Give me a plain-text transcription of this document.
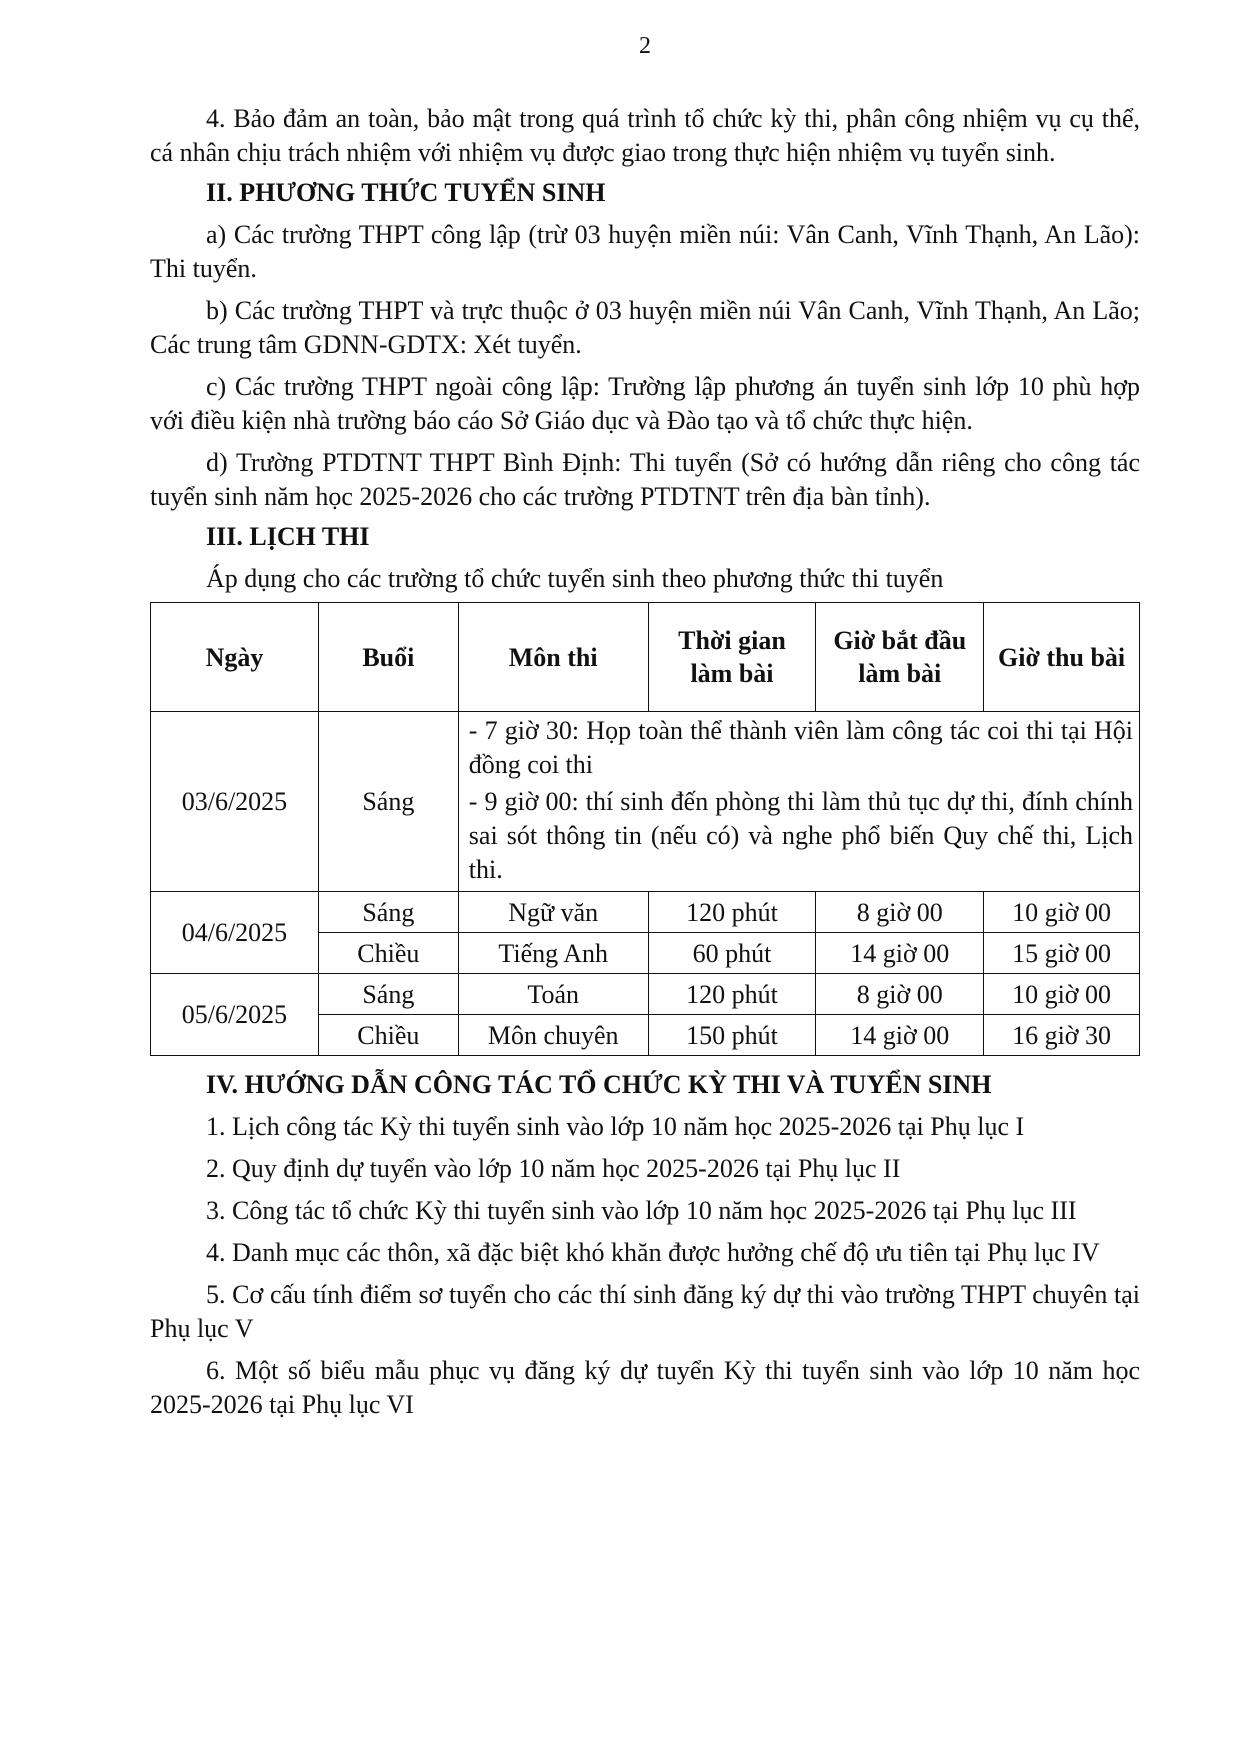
2

4. Bảo đảm an toàn, bảo mật trong quá trình tổ chức kỳ thi, phân công nhiệm vụ cụ thể, cá nhân chịu trách nhiệm với nhiệm vụ được giao trong thực hiện nhiệm vụ tuyển sinh.

II. PHƯƠNG THỨC TUYỂN SINH

a) Các trường THPT công lập (trừ 03 huyện miền núi: Vân Canh, Vĩnh Thạnh, An Lão): Thi tuyển.

b) Các trường THPT và trực thuộc ở 03 huyện miền núi Vân Canh, Vĩnh Thạnh, An Lão; Các trung tâm GDNN-GDTX: Xét tuyển.

c) Các trường THPT ngoài công lập: Trường lập phương án tuyển sinh lớp 10 phù hợp với điều kiện nhà trường báo cáo Sở Giáo dục và Đào tạo và tổ chức thực hiện.

d) Trường PTDTNT THPT Bình Định: Thi tuyển (Sở có hướng dẫn riêng cho công tác tuyển sinh năm học 2025-2026 cho các trường PTDTNT trên địa bàn tỉnh).

III. LỊCH THI

Áp dụng cho các trường tổ chức tuyển sinh theo phương thức thi tuyển

Ngày	Buổi	Môn thi	Thời gian làm bài	Giờ bắt đầu làm bài	Giờ thu bài
03/6/2025	Sáng	- 7 giờ 30: Họp toàn thể thành viên làm công tác coi thi tại Hội đồng coi thi
- 9 giờ 00: thí sinh đến phòng thi làm thủ tục dự thi, đính chính sai sót thông tin (nếu có) và nghe phổ biến Quy chế thi, Lịch thi.			

04/6/2025	Sáng	Ngữ văn	120 phút	8 giờ 00	10 giờ 00
	Chiều	Tiếng Anh	60 phút	14 giờ 00	15 giờ 00
05/6/2025	Sáng	Toán	120 phút	8 giờ 00	10 giờ 00
	Chiều	Môn chuyên	150 phút	14 giờ 00	16 giờ 30
IV. HƯỚNG DẪN CÔNG TÁC TỔ CHỨC KỲ THI VÀ TUYỂN SINH

1. Lịch công tác Kỳ thi tuyển sinh vào lớp 10 năm học 2025-2026 tại Phụ lục I

2. Quy định dự tuyển vào lớp 10 năm học 2025-2026 tại Phụ lục II

3. Công tác tổ chức Kỳ thi tuyển sinh vào lớp 10 năm học 2025-2026 tại Phụ lục III

4. Danh mục các thôn, xã đặc biệt khó khăn được hưởng chế độ ưu tiên tại Phụ lục IV

5. Cơ cấu tính điểm sơ tuyển cho các thí sinh đăng ký dự thi vào trường THPT chuyên tại Phụ lục V

6. Một số biểu mẫu phục vụ đăng ký dự tuyển Kỳ thi tuyển sinh vào lớp 10 năm học 2025-2026 tại Phụ lục VI
